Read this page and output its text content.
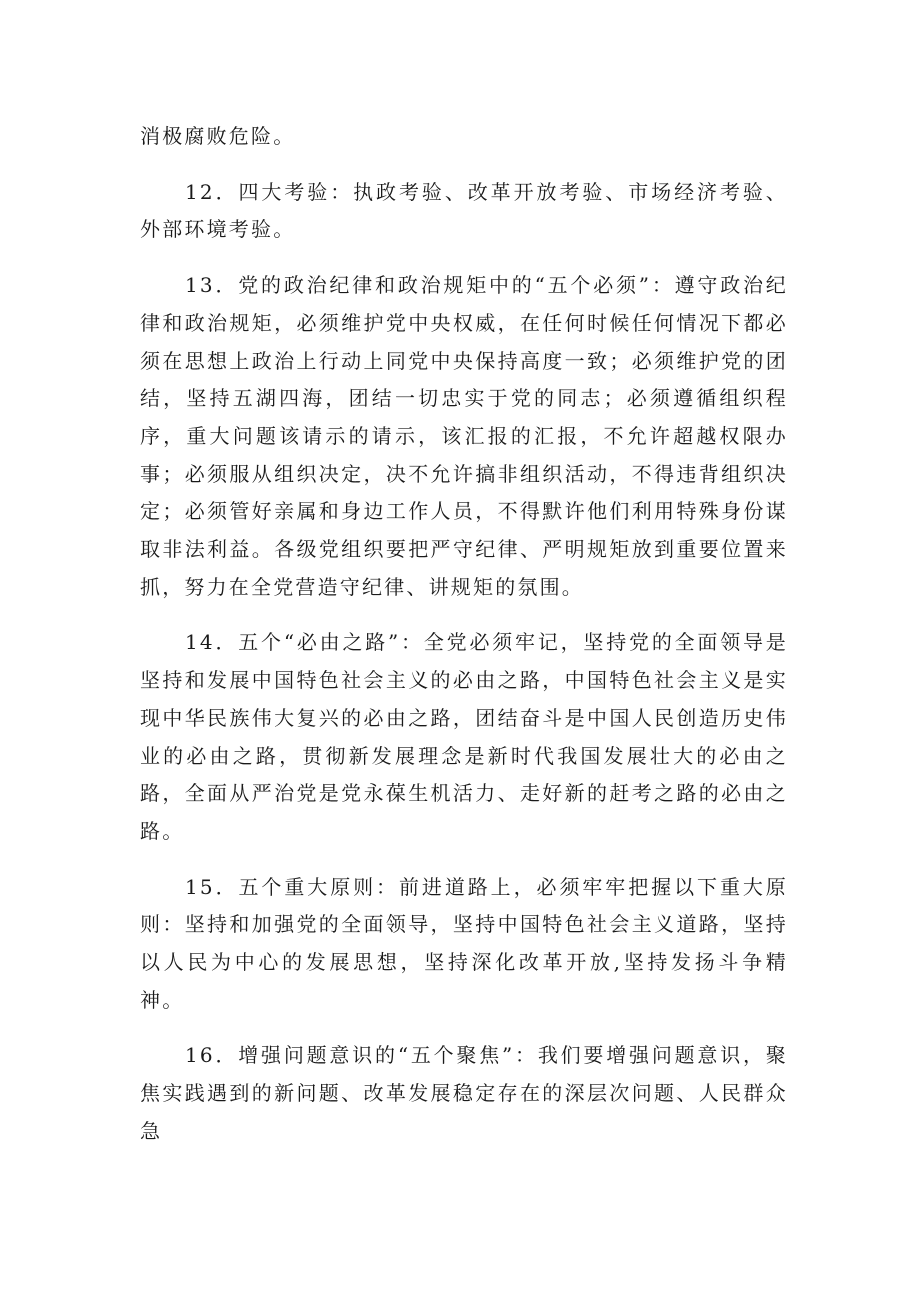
消极腐败危险。

12．四大考验：执政考验、改革开放考验、市场经济考验、外部环境考验。

13．党的政治纪律和政治规矩中的“五个必须”：遵守政治纪律和政治规矩，必须维护党中央权威，在任何时候任何情况下都必须在思想上政治上行动上同党中央保持高度一致；必须维护党的团结，坚持五湖四海，团结一切忠实于党的同志；必须遵循组织程序，重大问题该请示的请示，该汇报的汇报，不允许超越权限办事；必须服从组织决定，决不允许搞非组织活动，不得违背组织决定；必须管好亲属和身边工作人员，不得默许他们利用特殊身份谋取非法利益。各级党组织要把严守纪律、严明规矩放到重要位置来抓，努力在全党营造守纪律、讲规矩的氛围。

14．五个“必由之路”：全党必须牢记，坚持党的全面领导是坚持和发展中国特色社会主义的必由之路，中国特色社会主义是实现中华民族伟大复兴的必由之路，团结奋斗是中国人民创造历史伟业的必由之路，贯彻新发展理念是新时代我国发展壮大的必由之路，全面从严治党是党永葆生机活力、走好新的赶考之路的必由之路。

15．五个重大原则：前进道路上，必须牢牢把握以下重大原则：坚持和加强党的全面领导，坚持中国特色社会主义道路，坚持以人民为中心的发展思想，坚持深化改革开放,坚持发扬斗争精神。

16．增强问题意识的“五个聚焦”：我们要增强问题意识，聚焦实践遇到的新问题、改革发展稳定存在的深层次问题、人民群众急
